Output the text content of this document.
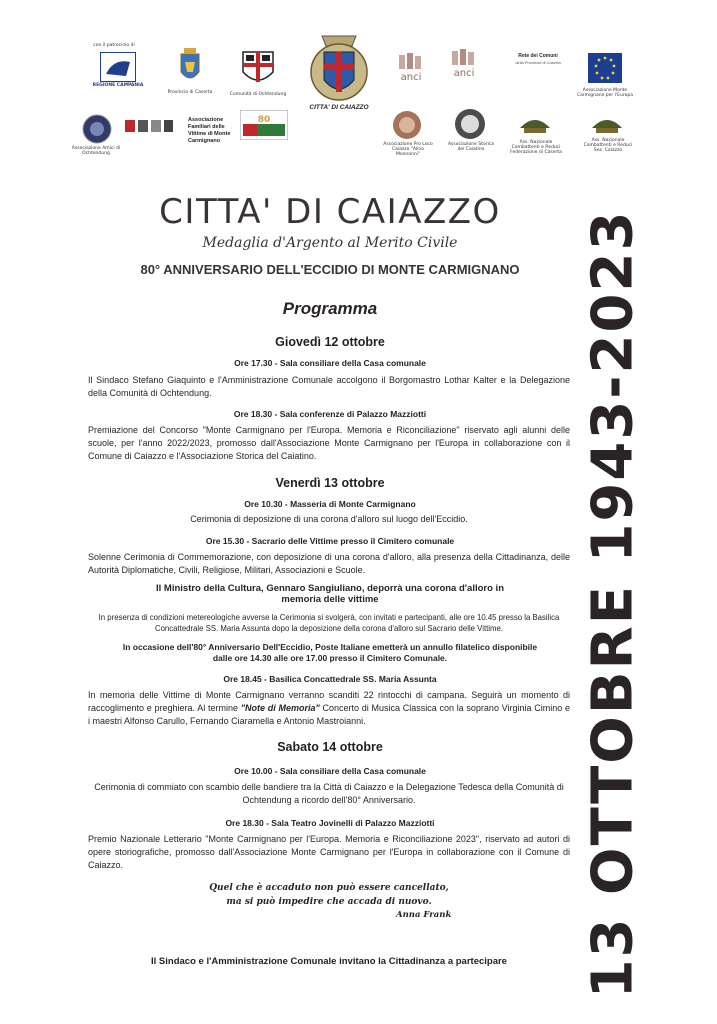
con il patrocinio di
REGIONE CAMPANIA
Provincia di Caserta	Comunità di Ochtendung
CITTA' DI CAIAZZO
anci	anci
Rete dei Comuni
della Provincia di Caserta
Associazione Monte Carmignano per l'Europa
Associazione Amici di Ochtendung
Associazione Familiari delle Vittime di Monte Carmignano
80
Associazione Pro Loco Caiazzo "Alino Monnanni"
Associazione Storica del Caiatino
Ass. Nazionale Combattenti e Reduci Federazione di Caserta
Ass. Nazionale Combattenti e Reduci Sez. Caiazzo
13 OTTOBRE 1943-2023
CITTA' DI CAIAZZO
Medaglia d'Argento al Merito Civile
80° ANNIVERSARIO DELL'ECCIDIO DI MONTE CARMIGNANO
Programma
Giovedì 12 ottobre
Ore 17.30 - Sala consiliare della Casa comunale
Il Sindaco Stefano Giaquinto e l'Amministrazione Comunale accolgono il Borgomastro Lothar Kalter e la Delegazione della Comunità di Ochtendung.
Ore 18.30 - Sala conferenze di Palazzo Mazziotti
Premiazione del Concorso "Monte Carmignano per l'Europa. Memoria e Riconciliazione" riservato agli alunni delle scuole, per l'anno 2022/2023, promosso dall'Associazione Monte Carmignano per l'Europa in collaborazione con il Comune di Caiazzo e l'Associazione Storica del Caiatino.
Venerdì 13 ottobre
Ore 10.30 - Masseria di Monte Carmignano
Cerimonia di deposizione di una corona d'alloro sul luogo dell'Eccidio.
Ore 15.30 - Sacrario delle Vittime presso il Cimitero comunale
Solenne Cerimonia di Commemorazione, con deposizione di una corona d'alloro, alla presenza della Cittadinanza, delle Autorità Diplomatiche, Civili, Religiose, Militari, Associazioni e Scuole.
Il Ministro della Cultura, Gennaro Sangiuliano, deporrà una corona d'alloro in memoria delle vittime
In presenza di condizioni metereologiche avverse la Cerimonia si svolgerà, con invitati e partecipanti, alle ore 10.45 presso la Basilica Concattedrale SS. Maria Assunta dopo la deposizione della corona d'alloro sul Sacrario delle Vittime.
In occasione dell'80° Anniversario Dell'Eccidio, Poste Italiane emetterà un annullo filatelico disponibile dalle ore 14.30 alle ore 17.00 presso il Cimitero Comunale.
Ore 18.45 - Basilica Concattedrale SS. Maria Assunta
In memoria delle Vittime di Monte Carmignano verranno scanditi 22 rintocchi di campana. Seguirà un momento di raccoglimento e preghiera. Al termine "Note di Memoria" Concerto di Musica Classica con la soprano Virginia Cimino e i maestri Alfonso Carullo, Fernando Ciaramella e Antonio Mastroianni.
Sabato 14 ottobre
Ore 10.00 - Sala consiliare della Casa comunale
Cerimonia di commiato con scambio delle bandiere tra la Città di Caiazzo e la Delegazione Tedesca della Comunità di Ochtendung a ricordo dell'80° Anniversario.
Ore 18.30 - Sala Teatro Jovinelli di Palazzo Mazziotti
Premio Nazionale Letterario "Monte Carmignano per l'Europa. Memoria e Riconciliazione 2023", riservato ad autori di opere storiografiche, promosso dall'Associazione Monte Carmignano per l'Europa in collaborazione con il Comune di Caiazzo.
Quel che è accaduto non può essere cancellato,
ma si può impedire che accada di nuovo.
Anna Frank
Il Sindaco e l'Amministrazione Comunale invitano la Cittadinanza a partecipare
